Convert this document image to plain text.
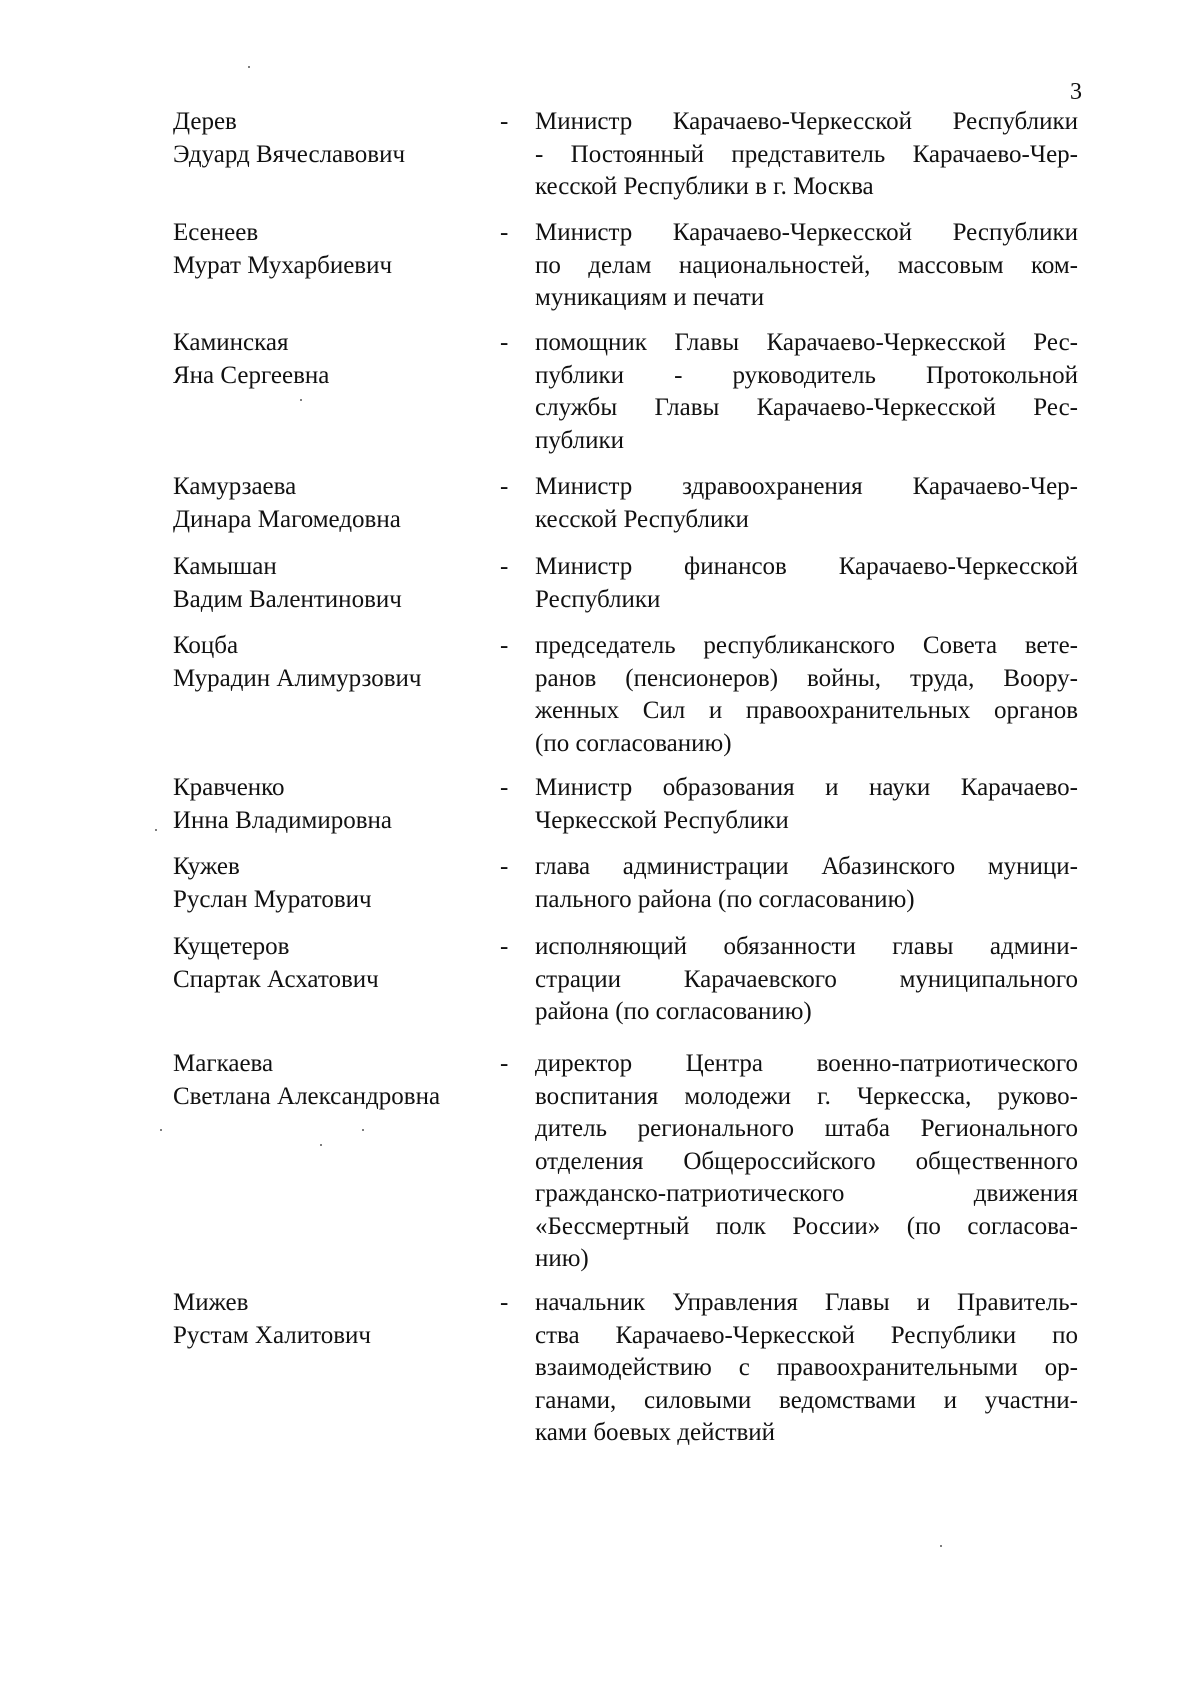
3
Дерев
Эдуард Вячеславович
- Министр Карачаево-Черкесской Республики
- Постоянный представитель Карачаево-Чер-
кесской Республики в г. Москва
Есенеев
Мурат Мухарбиевич
- Министр Карачаево-Черкесской Республики
по делам национальностей, массовым ком-
муникациям и печати
Каминская
Яна Сергеевна
- помощник Главы Карачаево-Черкесской Рес-
публики - руководитель Протокольной
службы Главы Карачаево-Черкесской Рес-
публики
Камурзаева
Динара Магомедовна
- Министр здравоохранения Карачаево-Чер-
кесской Республики
Камышан
Вадим Валентинович
- Министр финансов Карачаево-Черкесской
Республики
Коцба
Мурадин Алимурзович
- председатель республиканского Совета вете-
ранов (пенсионеров) войны, труда, Воору-
женных Сил и правоохранительных органов
(по согласованию)
Кравченко
Инна Владимировна
- Министр образования и науки Карачаево-
Черкесской Республики
Кужев
Руслан Муратович
- глава администрации Абазинского муници-
пального района (по согласованию)
Кущетеров
Спартак Асхатович
- исполняющий обязанности главы админи-
страции Карачаевского муниципального
района (по согласованию)
Магкаева
Светлана Александровна
- директор Центра военно-патриотического
воспитания молодежи г. Черкесска, руково-
дитель регионального штаба Регионального
отделения Общероссийского общественного
гражданско-патриотического движения
«Бессмертный полк России» (по согласова-
нию)
Мижев
Рустам Халитович
- начальник Управления Главы и Правитель-
ства Карачаево-Черкесской Республики по
взаимодействию с правоохранительными ор-
ганами, силовыми ведомствами и участни-
ками боевых действий
